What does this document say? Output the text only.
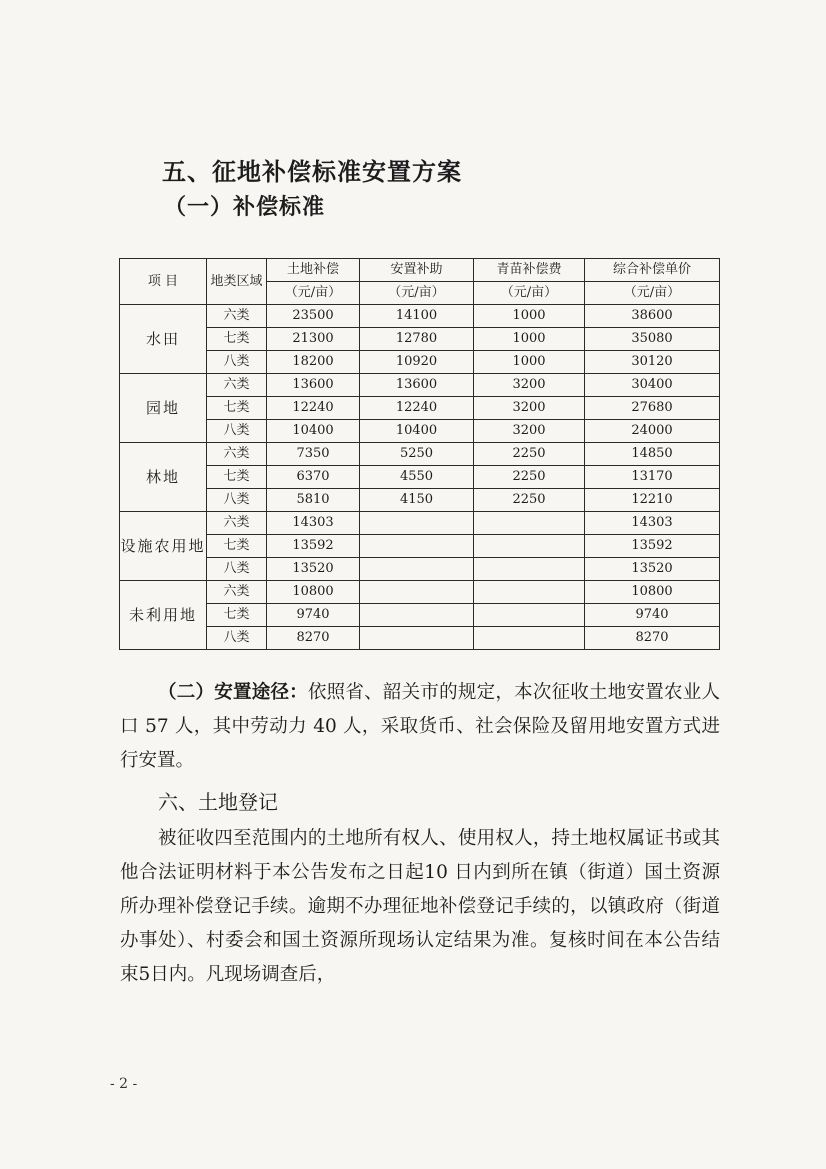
五、征地补偿标准安置方案
（一）补偿标准
项 目	地类区域	土地补偿	安置补助	青苗补偿费	综合补偿单价
		（元/亩）	（元/亩）	（元/亩）	（元/亩）
水田	六类	23500	14100	1000	38600
	七类	21300	12780	1000	35080
	八类	18200	10920	1000	30120
园地	六类	13600	13600	3200	30400
	七类	12240	12240	3200	27680
	八类	10400	10400	3200	24000
林地	六类	7350	5250	2250	14850
	七类	6370	4550	2250	13170
	八类	5810	4150	2250	12210
设施农用地	六类	14303			14303
	七类	13592			13592
	八类	13520			13520
未利用地	六类	10800			10800
	七类	9740			9740
	八类	8270			8270

（二）安置途径：依照省、韶关市的规定，本次征收土地安置农业人口 57 人，其中劳动力 40 人，采取货币、社会保险及留用地安置方式进行安置。

六、土地登记

被征收四至范围内的土地所有权人、使用权人，持土地权属证书或其他合法证明材料于本公告发布之日起10 日内到所在镇（街道）国土资源所办理补偿登记手续。逾期不办理征地补偿登记手续的，以镇政府（街道办事处）、村委会和国土资源所现场认定结果为准。复核时间在本公告结束5日内。凡现场调查后，

- 2 -
